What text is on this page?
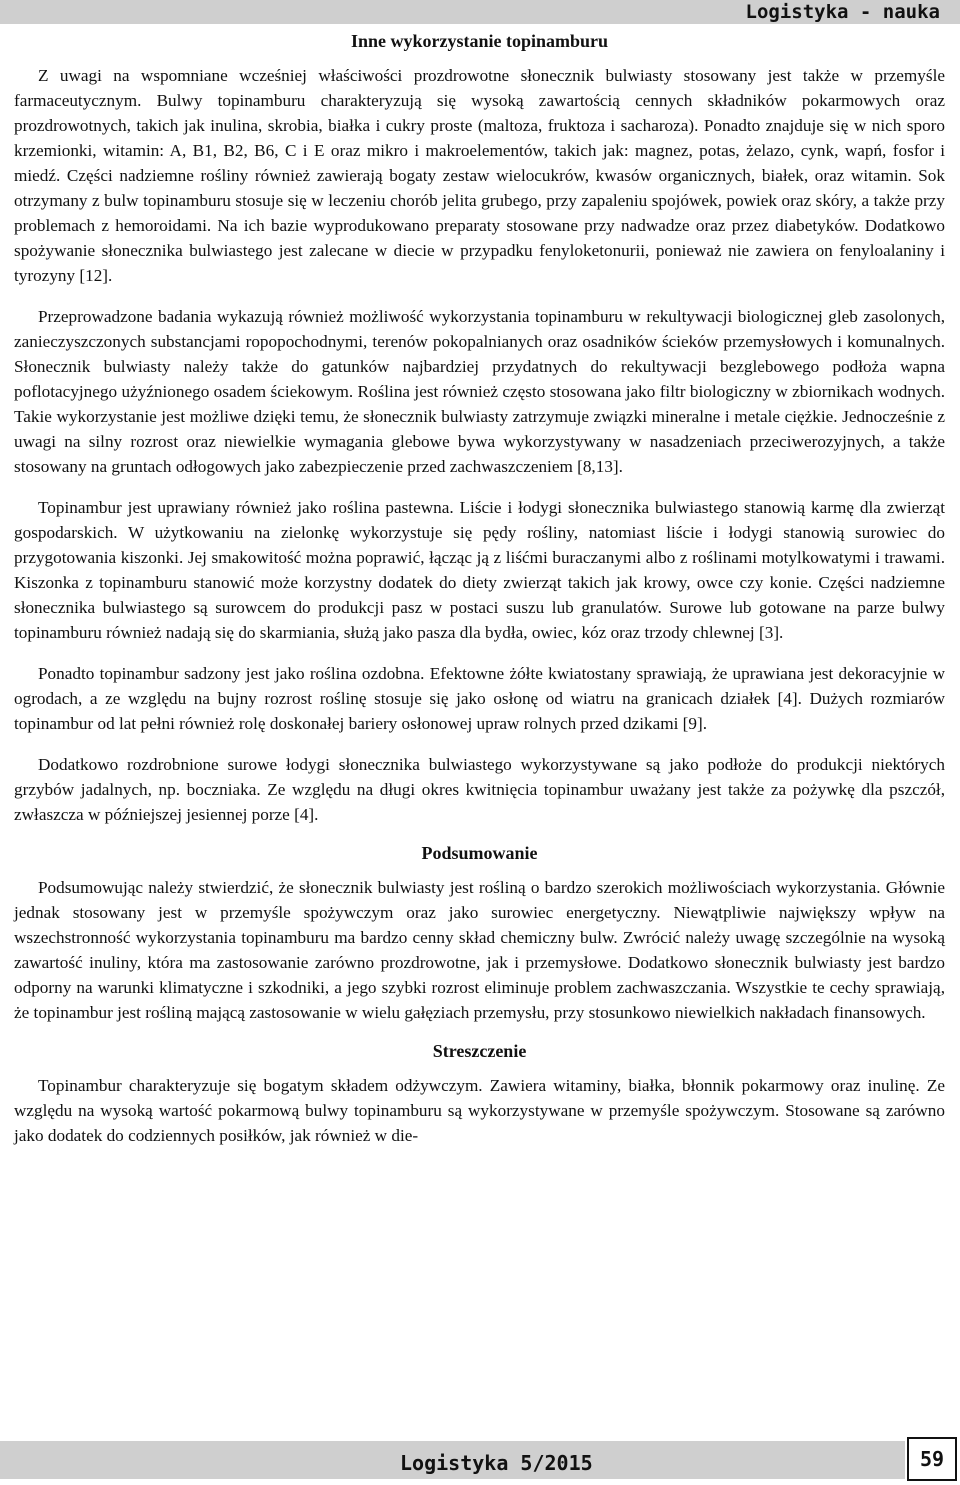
Logistyka - nauka
Inne wykorzystanie topinamburu

Z uwagi na wspomniane wcześniej właściwości prozdrowotne słonecznik bulwiasty stosowany jest także w przemyśle farmaceutycznym. Bulwy topinamburu charakteryzują się wysoką zawartością cennych składników pokarmowych oraz prozdrowotnych, takich jak inulina, skrobia, białka i cukry proste (maltoza, fruktoza i sacharoza). Ponadto znajduje się w nich sporo krzemionki, witamin: A, B1, B2, B6, C i E oraz mikro i makroelementów, takich jak: magnez, potas, żelazo, cynk, wapń, fosfor i miedź. Części nadziemne rośliny również zawierają bogaty zestaw wielocukrów, kwasów organicznych, białek, oraz witamin. Sok otrzymany z bulw topinamburu stosuje się w leczeniu chorób jelita grubego, przy zapaleniu spojówek, powiek oraz skóry, a także przy problemach z hemoroidami. Na ich bazie wyprodukowano preparaty stosowane przy nadwadze oraz przez diabetyków. Dodatkowo spożywanie słonecznika bulwiastego jest zalecane w diecie w przypadku fenyloketonurii, ponieważ nie zawiera on fenyloalaniny i tyrozyny [12].

Przeprowadzone badania wykazują również możliwość wykorzystania topinamburu w rekultywacji biologicznej gleb zasolonych, zanieczyszczonych substancjami ropopochodnymi, terenów pokopalnianych oraz osadników ścieków przemysłowych i komunalnych. Słonecznik bulwiasty należy także do gatunków najbardziej przydatnych do rekultywacji bezglebowego podłoża wapna poflotacyjnego użyźnionego osadem ściekowym. Roślina jest również często stosowana jako filtr biologiczny w zbiornikach wodnych. Takie wykorzystanie jest możliwe dzięki temu, że słonecznik bulwiasty zatrzymuje związki mineralne i metale ciężkie. Jednocześnie z uwagi na silny rozrost oraz niewielkie wymagania glebowe bywa wykorzystywany w nasadzeniach przeciwerozyjnych, a także stosowany na gruntach odłogowych jako zabezpieczenie przed zachwaszczeniem [8,13].

Topinambur jest uprawiany również jako roślina pastewna. Liście i łodygi słonecznika bulwiastego stanowią karmę dla zwierząt gospodarskich. W użytkowaniu na zielonkę wykorzystuje się pędy rośliny, natomiast liście i łodygi stanowią surowiec do przygotowania kiszonki. Jej smakowitość można poprawić, łącząc ją z liśćmi buraczanymi albo z roślinami motylkowatymi i trawami. Kiszonka z topinamburu stanowić może korzystny dodatek do diety zwierząt takich jak krowy, owce czy konie. Części nadziemne słonecznika bulwiastego są surowcem do produkcji pasz w postaci suszu lub granulatów. Surowe lub gotowane na parze bulwy topinamburu również nadają się do skarmiania, służą jako pasza dla bydła, owiec, kóz oraz trzody chlewnej [3].

Ponadto topinambur sadzony jest jako roślina ozdobna. Efektowne żółte kwiatostany sprawiają, że uprawiana jest dekoracyjnie w ogrodach, a ze względu na bujny rozrost roślinę stosuje się jako osłonę od wiatru na granicach działek [4]. Dużych rozmiarów topinambur od lat pełni również rolę doskonałej bariery osłonowej upraw rolnych przed dzikami [9].

Dodatkowo rozdrobnione surowe łodygi słonecznika bulwiastego wykorzystywane są jako podłoże do produkcji niektórych grzybów jadalnych, np. boczniaka. Ze względu na długi okres kwitnięcia topinambur uważany jest także za pożywkę dla pszczół, zwłaszcza w późniejszej jesiennej porze [4].

Podsumowanie

Podsumowując należy stwierdzić, że słonecznik bulwiasty jest rośliną o bardzo szerokich możliwościach wykorzystania. Głównie jednak stosowany jest w przemyśle spożywczym oraz jako surowiec energetyczny. Niewątpliwie największy wpływ na wszechstronność wykorzystania topinamburu ma bardzo cenny skład chemiczny bulw. Zwrócić należy uwagę szczególnie na wysoką zawartość inuliny, która ma zastosowanie zarówno prozdrowotne, jak i przemysłowe. Dodatkowo słonecznik bulwiasty jest bardzo odporny na warunki klimatyczne i szkodniki, a jego szybki rozrost eliminuje problem zachwaszczania. Wszystkie te cechy sprawiają, że topinambur jest rośliną mającą zastosowanie w wielu gałęziach przemysłu, przy stosunkowo niewielkich nakładach finansowych.

Streszczenie

Topinambur charakteryzuje się bogatym składem odżywczym. Zawiera witaminy, białka, błonnik pokarmowy oraz inulinę. Ze względu na wysoką wartość pokarmową bulwy topinamburu są wykorzystywane w przemyśle spożywczym. Stosowane są zarówno jako dodatek do codziennych posiłków, jak również w die-

Logistyka 5/2015	59
